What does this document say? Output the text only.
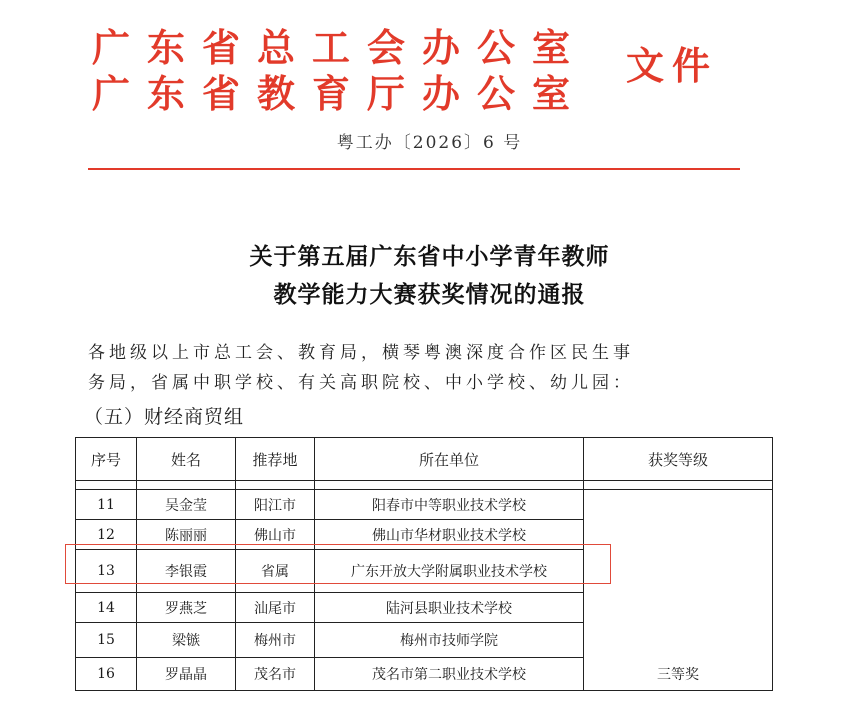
广东省总工会办公室
广东省教育厅办公室
文件
粤工办〔2026〕6 号
关于第五届广东省中小学青年教师
教学能力大赛获奖情况的通报
各地级以上市总工会、教育局，横琴粤澳深度合作区民生事
务局，省属中职学校、有关高职院校、中小学校、幼儿园：
（五）财经商贸组
序号	姓名	推荐地	所在单位	获奖等级

11	吴金莹	阳江市	阳春市中等职业技术学校	三等奖
12	陈丽丽	佛山市	佛山市华材职业技术学校	
13	李银霞	省属	广东开放大学附属职业技术学校	
14	罗燕芝	汕尾市	陆河县职业技术学校	
15	梁镞	梅州市	梅州市技师学院	
16	罗晶晶	茂名市	茂名市第二职业技术学校	
